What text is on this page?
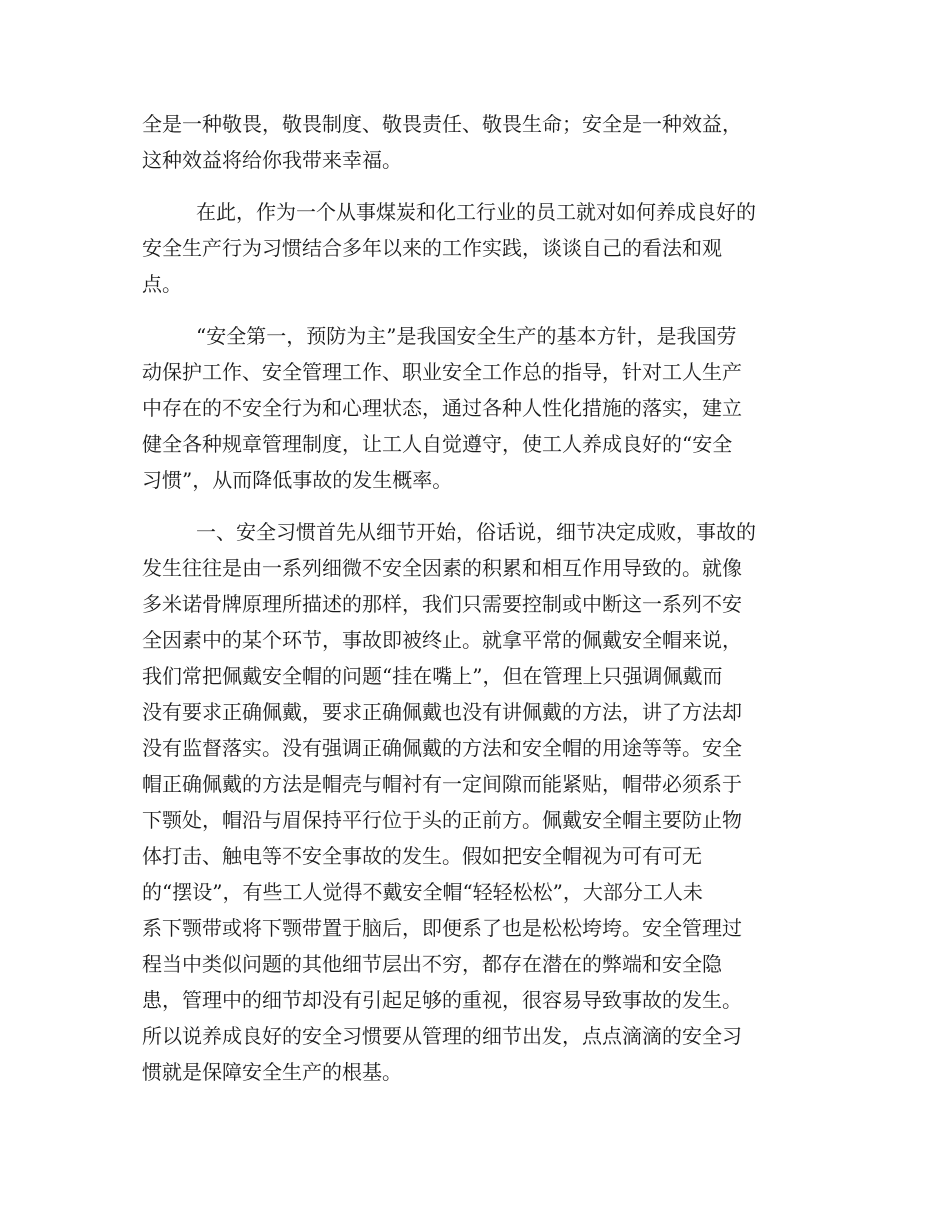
全是一种敬畏，敬畏制度、敬畏责任、敬畏生命；安全是一种效益，
这种效益将给你我带来幸福。
在此，作为一个从事煤炭和化工行业的员工就对如何养成良好的
安全生产行为习惯结合多年以来的工作实践，谈谈自己的看法和观
点。
“安全第一，预防为主”是我国安全生产的基本方针，是我国劳
动保护工作、安全管理工作、职业安全工作总的指导，针对工人生产
中存在的不安全行为和心理状态，通过各种人性化措施的落实，建立
健全各种规章管理制度，让工人自觉遵守，使工人养成良好的“安全
习惯”，从而降低事故的发生概率。
一、安全习惯首先从细节开始，俗话说，细节决定成败，事故的
发生往往是由一系列细微不安全因素的积累和相互作用导致的。就像
多米诺骨牌原理所描述的那样，我们只需要控制或中断这一系列不安
全因素中的某个环节，事故即被终止。就拿平常的佩戴安全帽来说，
我们常把佩戴安全帽的问题“挂在嘴上”，但在管理上只强调佩戴而
没有要求正确佩戴，要求正确佩戴也没有讲佩戴的方法，讲了方法却
没有监督落实。没有强调正确佩戴的方法和安全帽的用途等等。安全
帽正确佩戴的方法是帽壳与帽衬有一定间隙而能紧贴，帽带必须系于
下颚处，帽沿与眉保持平行位于头的正前方。佩戴安全帽主要防止物
体打击、触电等不安全事故的发生。假如把安全帽视为可有可无
的“摆设”，有些工人觉得不戴安全帽“轻轻松松”，大部分工人未
系下颚带或将下颚带置于脑后，即便系了也是松松垮垮。安全管理过
程当中类似问题的其他细节层出不穷，都存在潜在的弊端和安全隐
患，管理中的细节却没有引起足够的重视，很容易导致事故的发生。
所以说养成良好的安全习惯要从管理的细节出发，点点滴滴的安全习
惯就是保障安全生产的根基。
